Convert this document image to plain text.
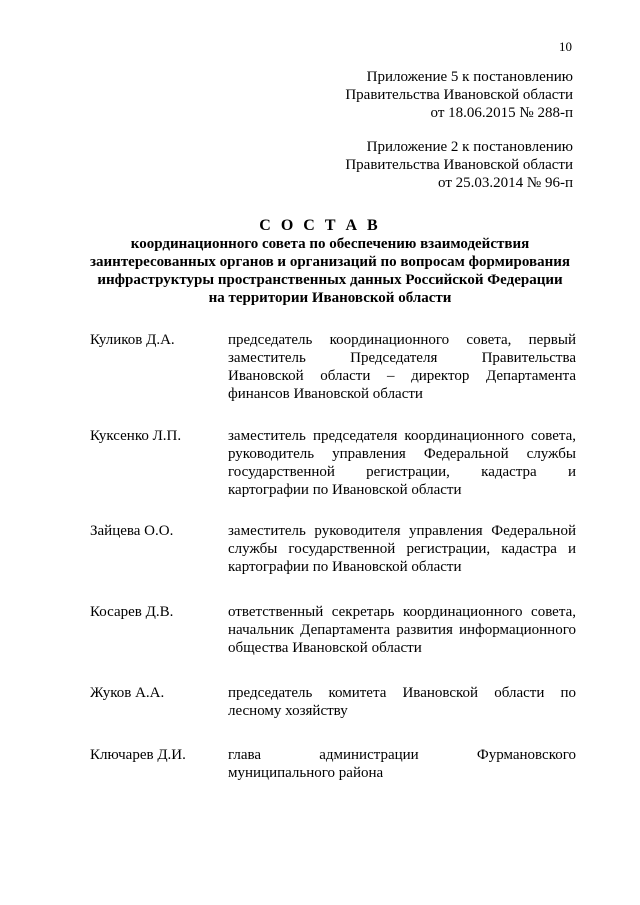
10
Приложение 5 к постановлению
Правительства Ивановской области
от 18.06.2015 № 288-п
Приложение 2 к постановлению
Правительства Ивановской области
от 25.03.2014 № 96-п
С О С Т А В
координационного совета по обеспечению взаимодействия
заинтересованных органов и организаций по вопросам формирования
инфраструктуры пространственных данных Российской Федерации
на территории Ивановской области
Куликов Д.А.	председатель координационного совета, первый
заместитель Председателя Правительства
Ивановской области – директор Департамента
финансов Ивановской области
Куксенко Л.П.	заместитель председателя координационного совета,
руководитель управления Федеральной службы
государственной регистрации, кадастра и
картографии по Ивановской области
Зайцева О.О.	заместитель руководителя управления Федеральной
службы государственной регистрации, кадастра и
картографии по Ивановской области
Косарев Д.В.	ответственный секретарь координационного совета,
начальник Департамента развития информационного
общества Ивановской области
Жуков А.А.	председатель комитета Ивановской области по
лесному хозяйству
Ключарев Д.И.	глава администрации Фурмановского
муниципального района
